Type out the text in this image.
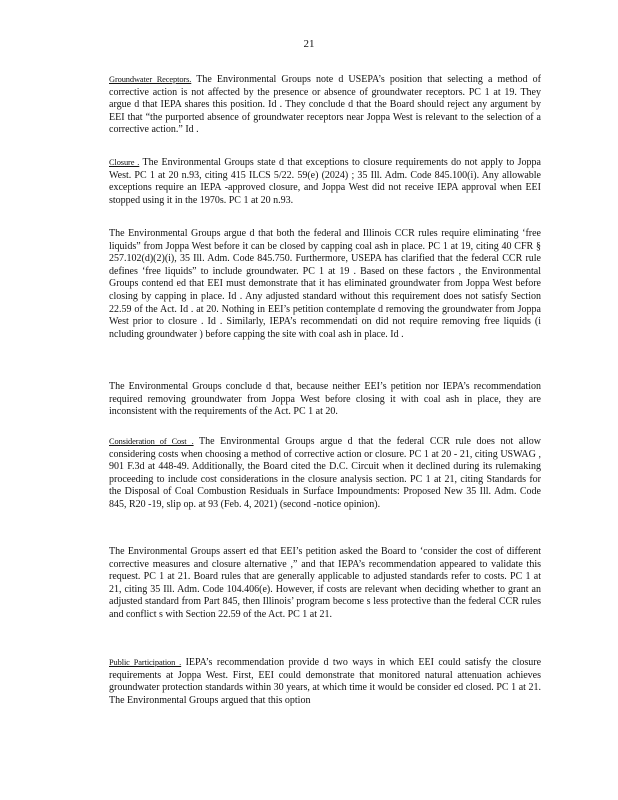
21

Groundwater Receptors. The Environmental Groups note d USEPA’s position that selecting a method of corrective action is not affected by the presence or absence of groundwater receptors. PC 1 at 19. They argue d that IEPA shares this position. Id . They conclude d that the Board should reject any argument by EEI that “the purported absence of groundwater receptors near Joppa West is relevant to the selection of a corrective action.” Id .

Closure . The Environmental Groups state d that exceptions to closure requirements do not apply to Joppa West. PC 1 at 20 n.93, citing 415 ILCS 5/22. 59(e) (2024) ; 35 Ill. Adm. Code 845.100(i). Any allowable exceptions require an IEPA -approved closure, and Joppa West did not receive IEPA approval when EEI stopped using it in the 1970s. PC 1 at 20 n.93.

The Environmental Groups argue d that both the federal and Illinois CCR rules require eliminating ‘free liquids” from Joppa West before it can be closed by capping coal ash in place. PC 1 at 19, citing 40 CFR § 257.102(d)(2)(i), 35 Ill. Adm. Code 845.750. Furthermore, USEPA has clarified that the federal CCR rule defines ‘free liquids” to include groundwater. PC 1 at 19 . Based on these factors , the Environmental Groups contend ed that EEI must demonstrate that it has eliminated groundwater from Joppa West before closing by capping in place. Id . Any adjusted standard without this requirement does not satisfy Section 22.59 of the Act. Id . at 20. Nothing in EEI’s petition contemplate d removing the groundwater from Joppa West prior to closure . Id . Similarly, IEPA’s recommendati on did not require removing free liquids (i ncluding groundwater ) before capping the site with coal ash in place. Id .

The Environmental Groups conclude d that, because neither EEI’s petition nor IEPA’s recommendation required removing groundwater from Joppa West before closing it with coal ash in place, they are inconsistent with the requirements of the Act. PC 1 at 20.

Consideration of Cost . The Environmental Groups argue d that the federal CCR rule does not allow considering costs when choosing a method of corrective action or closure. PC 1 at 20 - 21, citing USWAG , 901 F.3d at 448-49. Additionally, the Board cited the D.C. Circuit when it declined during its rulemaking proceeding to include cost considerations in the closure analysis section. PC 1 at 21, citing Standards for the Disposal of Coal Combustion Residuals in Surface Impoundments: Proposed New 35 Ill. Adm. Code 845, R20 -19, slip op. at 93 (Feb. 4, 2021) (second -notice opinion).

The Environmental Groups assert ed that EEI’s petition asked the Board to ‘consider the cost of different corrective measures and closure alternative ,” and that IEPA’s recommendation appeared to validate this request. PC 1 at 21. Board rules that are generally applicable to adjusted standards refer to costs. PC 1 at 21, citing 35 Ill. Adm. Code 104.406(e). However, if costs are relevant when deciding whether to grant an adjusted standard from Part 845, then Illinois’ program become s less protective than the federal CCR rules and conflict s with Section 22.59 of the Act. PC 1 at 21.

Public Participation . IEPA’s recommendation provide d two ways in which EEI could satisfy the closure requirements at Joppa West. First, EEI could demonstrate that monitored natural attenuation achieves groundwater protection standards within 30 years, at which time it would be consider ed closed. PC 1 at 21. The Environmental Groups argued that this option
